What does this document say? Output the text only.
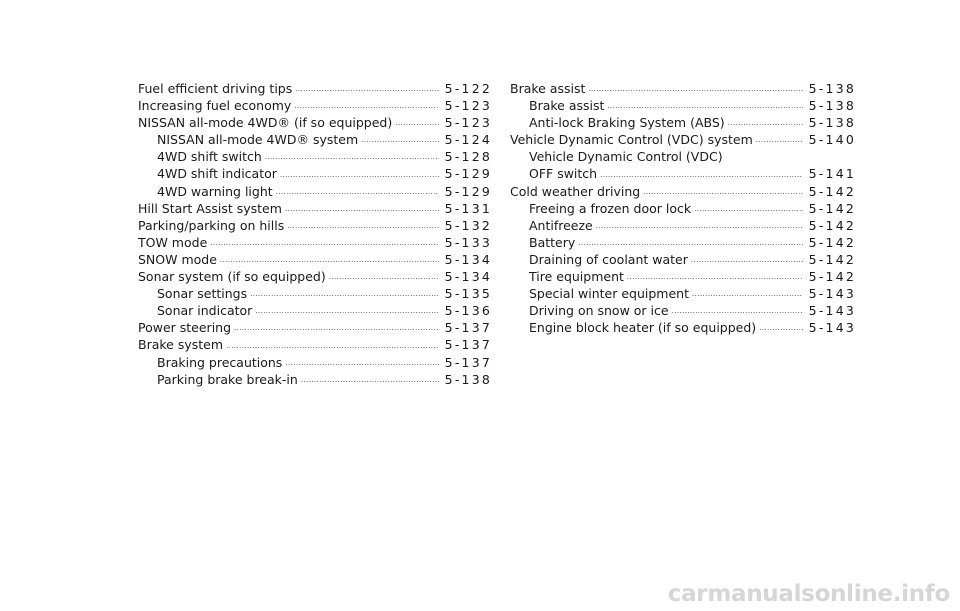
Fuel efficient driving tips .....	5-122
Increasing fuel economy .....	5-123
NISSAN all-mode 4WD® (if so equipped) .....	5-123
NISSAN all-mode 4WD® system .....	5-124
4WD shift switch .....	5-128
4WD shift indicator .....	5-129
4WD warning light .....	5-129
Hill Start Assist system .....	5-131
Parking/parking on hills .....	5-132
TOW mode .....	5-133
SNOW mode .....	5-134
Sonar system (if so equipped) .....	5-134
Sonar settings .....	5-135
Sonar indicator .....	5-136
Power steering .....	5-137
Brake system .....	5-137
Braking precautions .....	5-137
Parking brake break-in .....	5-138
Brake assist .....	5-138
Brake assist .....	5-138
Anti-lock Braking System (ABS) .....	5-138
Vehicle Dynamic Control (VDC) system .....	5-140
Vehicle Dynamic Control (VDC)
OFF switch .....	5-141
Cold weather driving .....	5-142
Freeing a frozen door lock .....	5-142
Antifreeze .....	5-142
Battery .....	5-142
Draining of coolant water .....	5-142
Tire equipment .....	5-142
Special winter equipment .....	5-143
Driving on snow or ice .....	5-143
Engine block heater (if so equipped) .....	5-143
carmanualsonline.info
